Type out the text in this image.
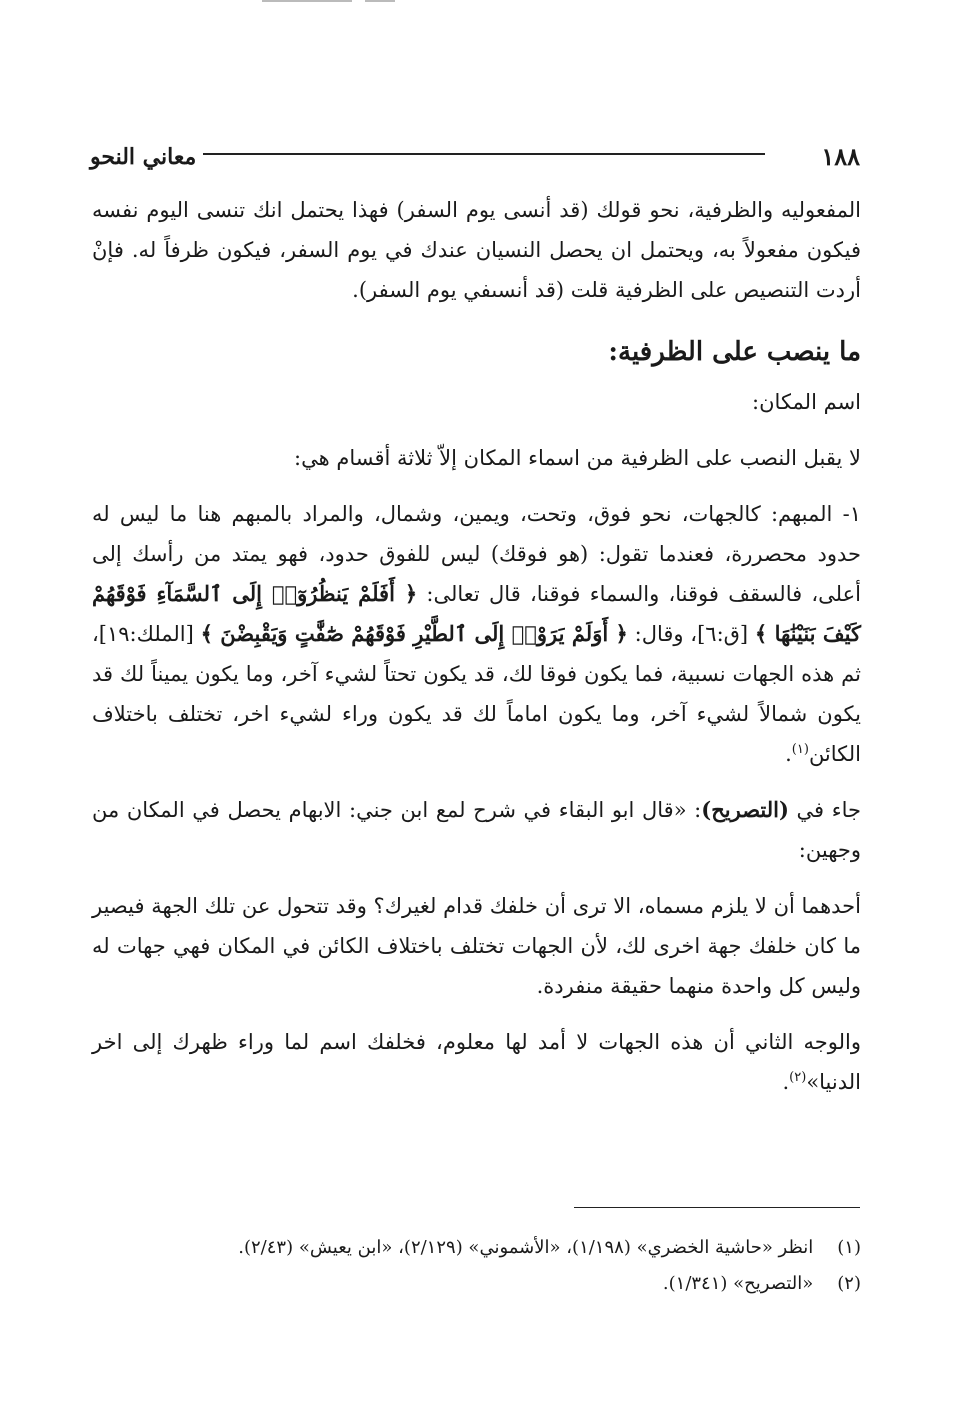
١٨٨
معاني النحو

المفعوليه والظرفية، نحو قولك (قد أنسى يوم السفر) فهذا يحتمل انك تنسى اليوم نفسه فيكون مفعولاً به، ويحتمل ان يحصل النسيان عندك في يوم السفر، فيكون ظرفاً له. فإنْ أردت التنصيص على الظرفية قلت (قد أنسىفي يوم السفر).

ما ينصب على الظرفية:

اسم المكان:

لا يقبل النصب على الظرفية من اسماء المكان إلاّ ثلاثة أقسام هي:

١- المبهم: كالجهات، نحو فوق، وتحت، ويمين، وشمال، والمراد بالمبهم هنا ما ليس له حدود محصررة، فعندما تقول: (هو فوقك) ليس للفوق حدود، فهو يمتد من رأسك إلى أعلى، فالسقف فوقنا، والسماء فوقنا، قال تعالى: ﴿ أَفَلَمْ يَنظُرُوٓا۟ إِلَى ٱلسَّمَآءِ فَوْقَهُمْ كَيْفَ بَنَيْنَٰهَا ﴾ [ق:٦]، وقال: ﴿ أَوَلَمْ يَرَوْا۟ إِلَى ٱلطَّيْرِ فَوْقَهُمْ صَٰٓفَّٰتٍ وَيَقْبِضْنَ ﴾ [الملك:١٩]، ثم هذه الجهات نسبية، فما يكون فوقا لك، قد يكون تحتاً لشيء آخر، وما يكون يميناً لك قد يكون شمالاً لشيء آخر، وما يكون اماماً لك قد يكون وراء لشيء اخر، تختلف باختلاف الكائن$^{(١)}$.

جاء في (التصريح): «قال ابو البقاء في شرح لمع ابن جني: الابهام يحصل في المكان من وجهين:

أحدهما أن لا يلزم مسماه، الا ترى أن خلفك قدام لغيرك؟ وقد تتحول عن تلك الجهة فيصير ما كان خلفك جهة اخرى لك، لأن الجهات تختلف باختلاف الكائن في المكان فهي جهات له وليس كل واحدة منهما حقيقة منفردة.

والوجه الثاني أن هذه الجهات لا أمد لها معلوم، فخلفك اسم لما وراء ظهرك إلى اخر الدنيا»$^{(٢)}$.

(١) انظر «حاشية الخضري» (١/١٩٨)، «الأشموني» (٢/١٢٩)، «ابن يعيش» (٢/٤٣).
(٢) «التصريح» (١/٣٤١).
